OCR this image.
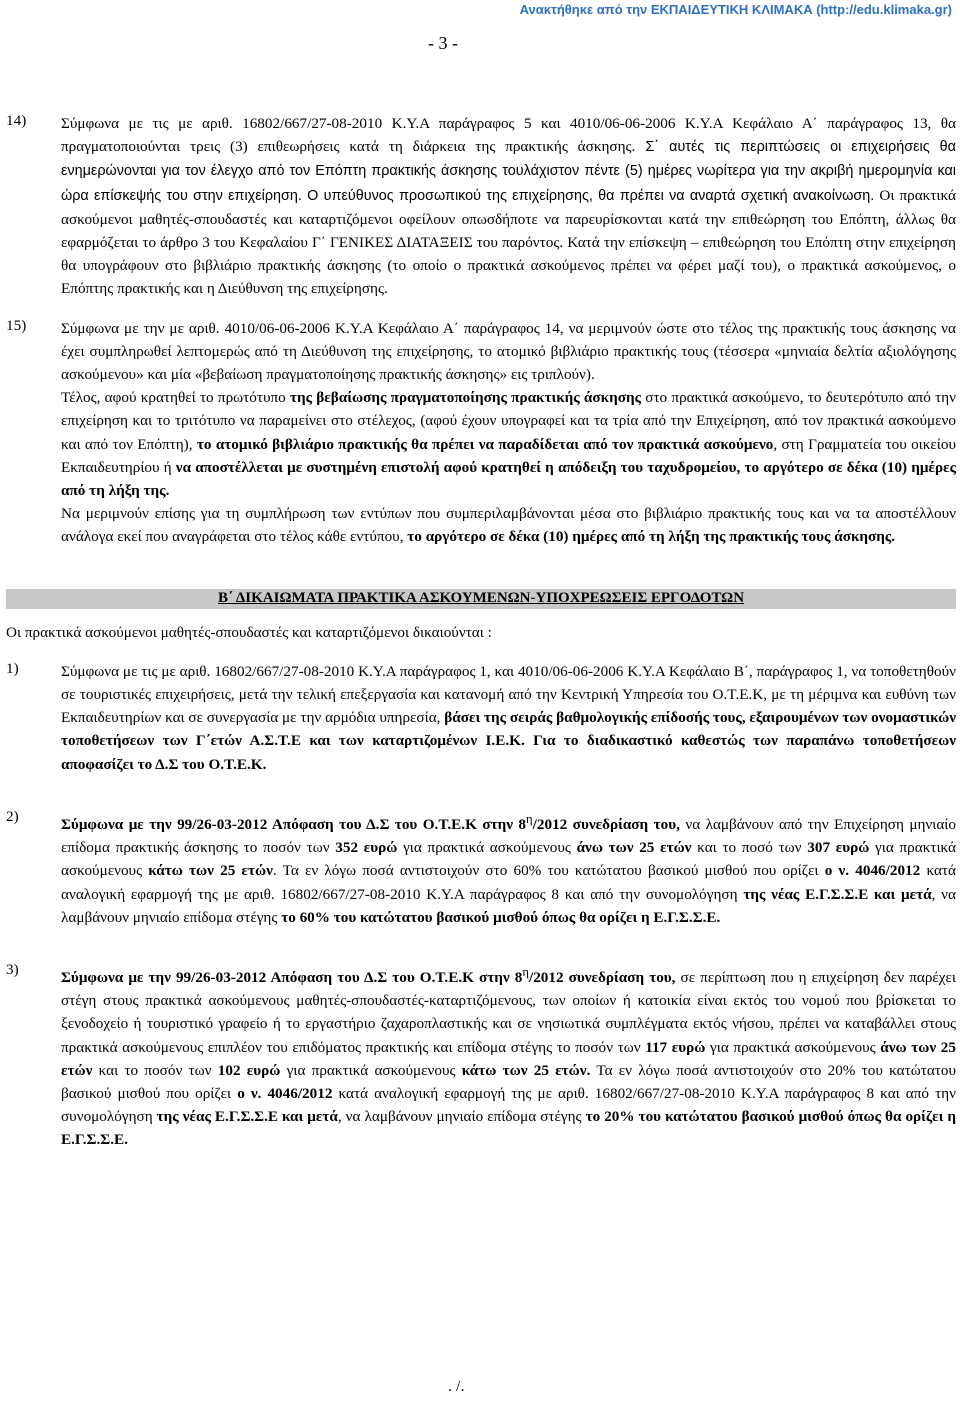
Ανακτήθηκε από την ΕΚΠΑΙΔΕΥΤΙΚΗ ΚΛΙΜΑΚΑ (http://edu.klimaka.gr)
- 3 -
14)	Σύμφωνα με τις με αριθ. 16802/667/27-08-2010 Κ.Υ.Α παράγραφος 5 και 4010/06-06-2006 Κ.Υ.Α Κεφάλαιο Α΄ παράγραφος 13, θα πραγματοποιούνται τρεις (3) επιθεωρήσεις κατά τη διάρκεια της πρακτικής άσκησης. Σ΄ αυτές τις περιπτώσεις οι επιχειρήσεις θα ενημερώνονται για τον έλεγχο από τον Επόπτη πρακτικής άσκησης τουλάχιστον πέντε (5) ημέρες νωρίτερα για την ακριβή ημερομηνία και ώρα επίσκεψής του στην επιχείρηση. Ο υπεύθυνος προσωπικού της επιχείρησης, θα πρέπει να αναρτά σχετική ανακοίνωση. Οι πρακτικά ασκούμενοι μαθητές-σπουδαστές και καταρτιζόμενοι οφείλουν οπωσδήποτε να παρευρίσκονται κατά την επιθεώρηση του Επόπτη, άλλως θα εφαρμόζεται το άρθρο 3 του Κεφαλαίου Γ΄ ΓΕΝΙΚΕΣ ΔΙΑΤΑΞΕΙΣ του παρόντος. Κατά την επίσκεψη – επιθεώρηση του Επόπτη στην επιχείρηση θα υπογράφουν στο βιβλιάριο πρακτικής άσκησης (το οποίο ο πρακτικά ασκούμενος πρέπει να φέρει μαζί του), ο πρακτικά ασκούμενος, ο Επόπτης πρακτικής και η Διεύθυνση της επιχείρησης.
15)	Σύμφωνα με την με αριθ. 4010/06-06-2006 Κ.Υ.Α Κεφάλαιο Α΄ παράγραφος 14, να μεριμνούν ώστε στο τέλος της πρακτικής τους άσκησης να έχει συμπληρωθεί λεπτομερώς από τη Διεύθυνση της επιχείρησης, το ατομικό βιβλιάριο πρακτικής τους (τέσσερα «μηνιαία δελτία αξιολόγησης ασκούμενου» και μία «βεβαίωση πραγματοποίησης πρακτικής άσκησης» εις τριπλούν).

Τέλος, αφού κρατηθεί το πρωτότυπο της βεβαίωσης πραγματοποίησης πρακτικής άσκησης στο πρακτικά ασκούμενο, το δευτερότυπο από την επιχείρηση και το τριτότυπο να παραμείνει στο στέλεχος, (αφού έχουν υπογραφεί και τα τρία από την Επιχείρηση, από τον πρακτικά ασκούμενο και από τον Επόπτη), το ατομικό βιβλιάριο πρακτικής θα πρέπει να παραδίδεται από τον πρακτικά ασκούμενο, στη Γραμματεία του οικείου Εκπαιδευτηρίου ή να αποστέλλεται με συστημένη επιστολή αφού κρατηθεί η απόδειξη του ταχυδρομείου, το αργότερο σε δέκα (10) ημέρες από τη λήξη της.

Να μεριμνούν επίσης για τη συμπλήρωση των εντύπων που συμπεριλαμβάνονται μέσα στο βιβλιάριο πρακτικής τους και να τα αποστέλλουν ανάλογα εκεί που αναγράφεται στο τέλος κάθε εντύπου, το αργότερο σε δέκα (10) ημέρες από τη λήξη της πρακτικής τους άσκησης.

Β΄ ΔΙΚΑΙΩΜΑΤΑ ΠΡΑΚΤΙΚΑ ΑΣΚΟΥΜΕΝΩΝ-ΥΠΟΧΡΕΩΣΕΙΣ ΕΡΓΟΔΟΤΩΝ

Οι πρακτικά ασκούμενοι μαθητές-σπουδαστές και καταρτιζόμενοι δικαιούνται :

1)	Σύμφωνα με τις με αριθ. 16802/667/27-08-2010 Κ.Υ.Α παράγραφος 1, και 4010/06-06-2006 Κ.Υ.Α Κεφάλαιο Β΄, παράγραφος 1, να τοποθετηθούν σε τουριστικές επιχειρήσεις, μετά την τελική επεξεργασία και κατανομή από την Κεντρική Υπηρεσία του Ο.Τ.Ε.Κ, με τη μέριμνα και ευθύνη των Εκπαιδευτηρίων και σε συνεργασία με την αρμόδια υπηρεσία, βάσει της σειράς βαθμολογικής επίδοσής τους, εξαιρουμένων των ονομαστικών τοποθετήσεων των Γ΄ετών Α.Σ.Τ.Ε και των καταρτιζομένων Ι.Ε.Κ. Για το διαδικαστικό καθεστώς των παραπάνω τοποθετήσεων αποφασίζει το Δ.Σ του Ο.Τ.Ε.Κ.
2)	Σύμφωνα με την 99/26-03-2012 Απόφαση του Δ.Σ του Ο.Τ.Ε.Κ στην $8^\eta/2012$ συνεδρίαση του, να λαμβάνουν από την Επιχείρηση μηνιαίο επίδομα πρακτικής άσκησης το ποσόν των 352 ευρώ για πρακτικά ασκούμενους άνω των 25 ετών και το ποσό των 307 ευρώ για πρακτικά ασκούμενους κάτω των 25 ετών. Τα εν λόγω ποσά αντιστοιχούν στο 60% του κατώτατου βασικού μισθού που ορίζει ο ν. 4046/2012 κατά αναλογική εφαρμογή της με αριθ. 16802/667/27-08-2010 Κ.Υ.Α παράγραφος 8 και από την συνομολόγηση της νέας Ε.Γ.Σ.Σ.Ε και μετά, να λαμβάνουν μηνιαίο επίδομα στέγης το 60% του κατώτατου βασικού μισθού όπως θα ορίζει η Ε.Γ.Σ.Σ.Ε.
3)	Σύμφωνα με την 99/26-03-2012 Απόφαση του Δ.Σ του Ο.Τ.Ε.Κ στην $8^\eta/2012$ συνεδρίαση του, σε περίπτωση που η επιχείρηση δεν παρέχει στέγη στους πρακτικά ασκούμενους μαθητές-σπουδαστές-καταρτιζόμενους, των οποίων ή κατοικία είναι εκτός του νομού που βρίσκεται το ξενοδοχείο ή τουριστικό γραφείο ή το εργαστήριο ζαχαροπλαστικής και σε νησιωτικά συμπλέγματα εκτός νήσου, πρέπει να καταβάλλει στους πρακτικά ασκούμενους επιπλέον του επιδόματος πρακτικής και επίδομα στέγης το ποσόν των 117 ευρώ για πρακτικά ασκούμενους άνω των 25 ετών και το ποσόν των 102 ευρώ για πρακτικά ασκούμενους κάτω των 25 ετών. Τα εν λόγω ποσά αντιστοιχούν στο 20% του κατώτατου βασικού μισθού που ορίζει ο ν. 4046/2012 κατά αναλογική εφαρμογή της με αριθ. 16802/667/27-08-2010 Κ.Υ.Α παράγραφος 8 και από την συνομολόγηση της νέας Ε.Γ.Σ.Σ.Ε και μετά, να λαμβάνουν μηνιαίο επίδομα στέγης το 20% του κατώτατου βασικού μισθού όπως θα ορίζει η Ε.Γ.Σ.Σ.Ε.
. /.
